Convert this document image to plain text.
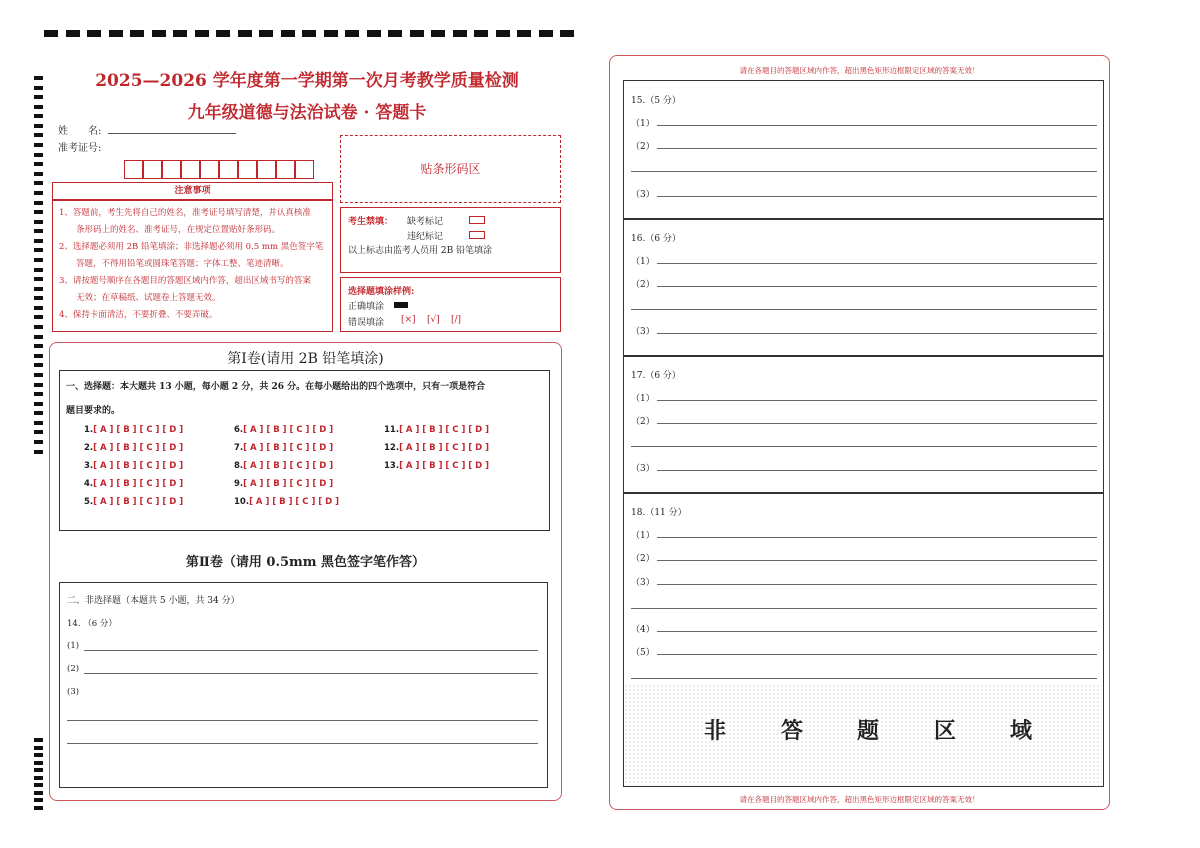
2025—2026 学年度第一学期第一次月考教学质量检测
九年级道德与法治试卷 · 答题卡
姓　　名:
准考证号:
贴条形码区
注意事项

1、答题前，考生先将自己的姓名，准考证号填写清楚，并认真核准

　　条形码上的姓名、准考证号，在规定位置贴好条形码。

2、选择题必须用 2B 铅笔填涂；非选择题必须用 0.5 mm 黑色签字笔

　　答题，不得用铅笔或圆珠笔答题；字体工整、笔迹清晰。

3、请按题号顺序在各题目的答题区域内作答，超出区域书写的答案

　　无效；在草稿纸、试题卷上答题无效。

4、保持卡面清洁，不要折叠、不要弄破。

考生禁填： 缺考标记
违纪标记
以上标志由监考人员用 2B 铅笔填涂
选择题填涂样例:
正确填涂
错误填涂 [×] [√] [/]
第Ⅰ卷(请用 2B 铅笔填涂)
一、选择题：本大题共 13 小题，每小题 2 分，共 26 分。在每小题给出的四个选项中，只有一项是符合
题目要求的。
1.[ A ] [ B ] [ C ] [ D ]
2.[ A ] [ B ] [ C ] [ D ]
3.[ A ] [ B ] [ C ] [ D ]
4.[ A ] [ B ] [ C ] [ D ]
5.[ A ] [ B ] [ C ] [ D ]
6.[ A ] [ B ] [ C ] [ D ]
7.[ A ] [ B ] [ C ] [ D ]
8.[ A ] [ B ] [ C ] [ D ]
9.[ A ] [ B ] [ C ] [ D ]
10.[ A ] [ B ] [ C ] [ D ]
11.[ A ] [ B ] [ C ] [ D ]
12.[ A ] [ B ] [ C ] [ D ]
13.[ A ] [ B ] [ C ] [ D ]
第Ⅱ卷（请用 0.5mm 黑色签字笔作答）
二、非选择题（本题共 5 小题，共 34 分）
14. （6 分）
(1)
(2)
(3)
请在各题目的答题区域内作答，超出黑色矩形边框限定区域的答案无效！
请在各题目的答题区域内作答，超出黑色矩形边框限定区域的答案无效！
15.（5 分）
（1）
（2）
（3）
16.（6 分）
（1）
（2）
（3）
17.（6 分）
（1）
（2）
（3）
18.（11 分）
（1）
（2）
（3）
（4）
（5）
非 答 题 区 域
